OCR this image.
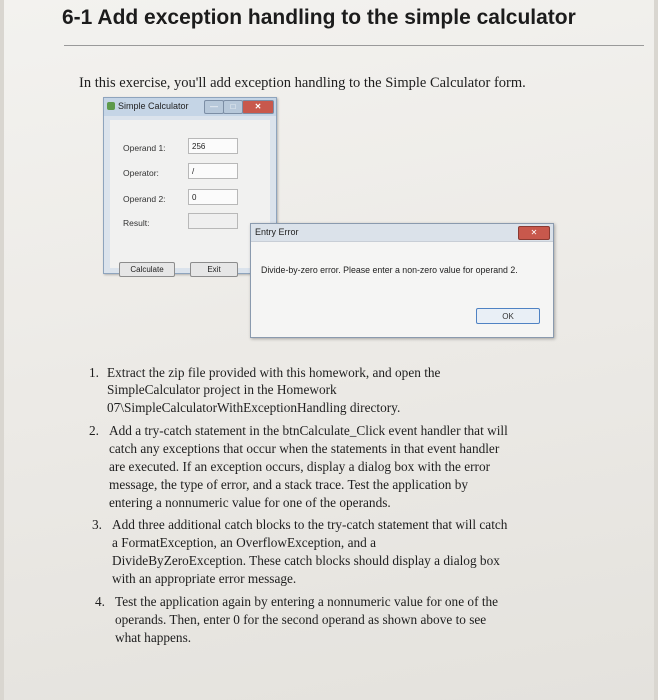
6-1 Add exception handling to the simple calculator
In this exercise, you'll add exception handling to the Simple Calculator form.
Simple Calculator	—	□	✕
Operand 1:	256
Operator:	/
Operand 2:	0
Result:
Calculate	Exit
Entry Error	✕
Divide-by-zero error. Please enter a non-zero value for operand 2.
OK
1. Extract the zip file provided with this homework, and open the
SimpleCalculator project in the Homework
07\SimpleCalculatorWithExceptionHandling directory.
2. Add a try-catch statement in the btnCalculate_Click event handler that will
catch any exceptions that occur when the statements in that event handler
are executed. If an exception occurs, display a dialog box with the error
message, the type of error, and a stack trace. Test the application by
entering a nonnumeric value for one of the operands.
3. Add three additional catch blocks to the try-catch statement that will catch
a FormatException, an OverflowException, and a
DivideByZeroException. These catch blocks should display a dialog box
with an appropriate error message.
4. Test the application again by entering a nonnumeric value for one of the
operands. Then, enter 0 for the second operand as shown above to see
what happens.
